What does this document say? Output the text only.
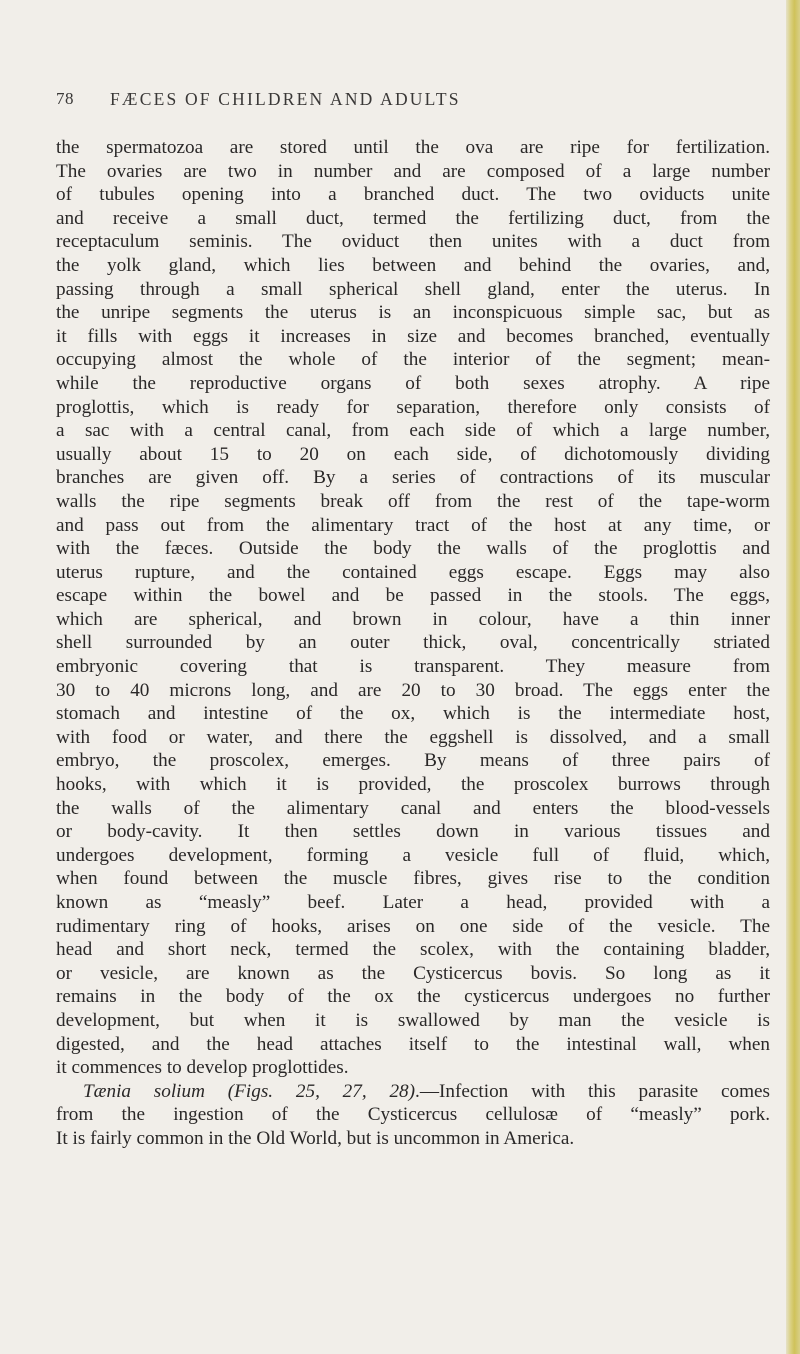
78 FÆCES OF CHILDREN AND ADULTS
the spermatozoa are stored until the ova are ripe for fertilization.
The ovaries are two in number and are composed of a large number
of tubules opening into a branched duct. The two oviducts unite
and receive a small duct, termed the fertilizing duct, from the
receptaculum seminis. The oviduct then unites with a duct from
the yolk gland, which lies between and behind the ovaries, and,
passing through a small spherical shell gland, enter the uterus. In
the unripe segments the uterus is an inconspicuous simple sac, but as
it fills with eggs it increases in size and becomes branched, eventually
occupying almost the whole of the interior of the segment; mean-
while the reproductive organs of both sexes atrophy. A ripe
proglottis, which is ready for separation, therefore only consists of
a sac with a central canal, from each side of which a large number,
usually about 15 to 20 on each side, of dichotomously dividing
branches are given off. By a series of contractions of its muscular
walls the ripe segments break off from the rest of the tape-worm
and pass out from the alimentary tract of the host at any time, or
with the fæces. Outside the body the walls of the proglottis and
uterus rupture, and the contained eggs escape. Eggs may also
escape within the bowel and be passed in the stools. The eggs,
which are spherical, and brown in colour, have a thin inner
shell surrounded by an outer thick, oval, concentrically striated
embryonic covering that is transparent. They measure from
30 to 40 microns long, and are 20 to 30 broad. The eggs enter the
stomach and intestine of the ox, which is the intermediate host,
with food or water, and there the eggshell is dissolved, and a small
embryo, the proscolex, emerges. By means of three pairs of
hooks, with which it is provided, the proscolex burrows through
the walls of the alimentary canal and enters the blood-vessels
or body-cavity. It then settles down in various tissues and
undergoes development, forming a vesicle full of fluid, which,
when found between the muscle fibres, gives rise to the condition
known as “measly” beef. Later a head, provided with a
rudimentary ring of hooks, arises on one side of the vesicle. The
head and short neck, termed the scolex, with the containing bladder,
or vesicle, are known as the Cysticercus bovis. So long as it
remains in the body of the ox the cysticercus undergoes no further
development, but when it is swallowed by man the vesicle is
digested, and the head attaches itself to the intestinal wall, when
it commences to develop proglottides.
Tænia solium (Figs. 25, 27, 28).—Infection with this parasite comes
from the ingestion of the Cysticercus cellulosæ of “measly” pork.
It is fairly common in the Old World, but is uncommon in America.
